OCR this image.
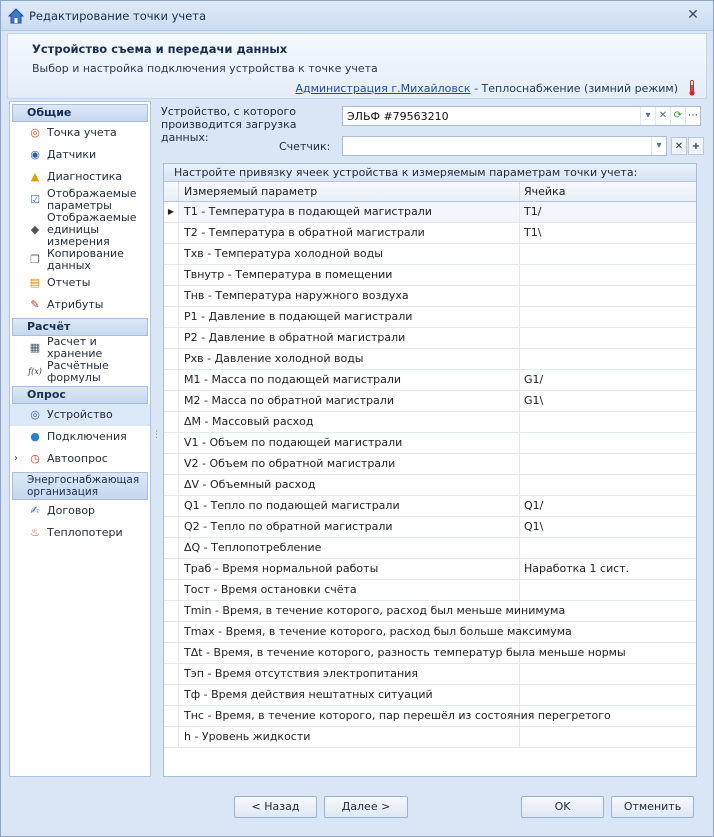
Редактирование точки учета	✕
Устройство съема и передачи данных
Выбор и настройка подключения устройства к точке учета
Администрация г.Михайловск - Теплоснабжение (зимний режим)
Общие
◎ Точка учета
◉ Датчики
▲ Диагностика
☑ Отображаемые параметры
◆
Отображаемые единицы измерения
❐ Копирование данных
▤ Отчеты
✎ Атрибуты
Расчёт
▦ Расчет и хранение
f(x) Расчётные формулы
Опрос
◎ Устройство
● Подключения
›	◷ Автоопрос
Энергоснабжающая организация
✍ Договор
♨ Теплопотери
⋮
Устройство, с которого производится загрузка данных:
ЭЛЬФ #79563210	▾ ✕ ⟳ ⋯
Счетчик:	▾	✕ +
Настройте привязку ячеек устройства к измеряемым параметрам точки учета:
Измеряемый параметр	Ячейка
▶ T1 - Температура в подающей магистрали	T1/
T2 - Температура в обратной магистрали	T1\
Тхв - Температура холодной воды
Твнутр - Температура в помещении
Тнв - Температура наружного воздуха
P1 - Давление в подающей магистрали
P2 - Давление в обратной магистрали
Pхв - Давление холодной воды
M1 - Масса по подающей магистрали	G1/
M2 - Масса по обратной магистрали	G1\
ΔM - Массовый расход
V1 - Объем по подающей магистрали
V2 - Объем по обратной магистрали
ΔV - Объемный расход
Q1 - Тепло по подающей магистрали	Q1/
Q2 - Тепло по обратной магистрали	Q1\
ΔQ - Теплопотребление
Траб - Время нормальной работы	Наработка 1 сист.
Тост - Время остановки счёта
Tmin - Время, в течение которого, расход был меньше минимума
Tmax - Время, в течение которого, расход был больше максимума
TΔt - Время, в течение которого, разность температур была меньше нормы
Тэп - Время отсутствия электропитания
Тф - Время действия нештатных ситуаций
Тнс - Время, в течение которого, пар перешёл из состояния перегретого
h - Уровень жидкости
< Назад	Далее >	OK	Отменить
